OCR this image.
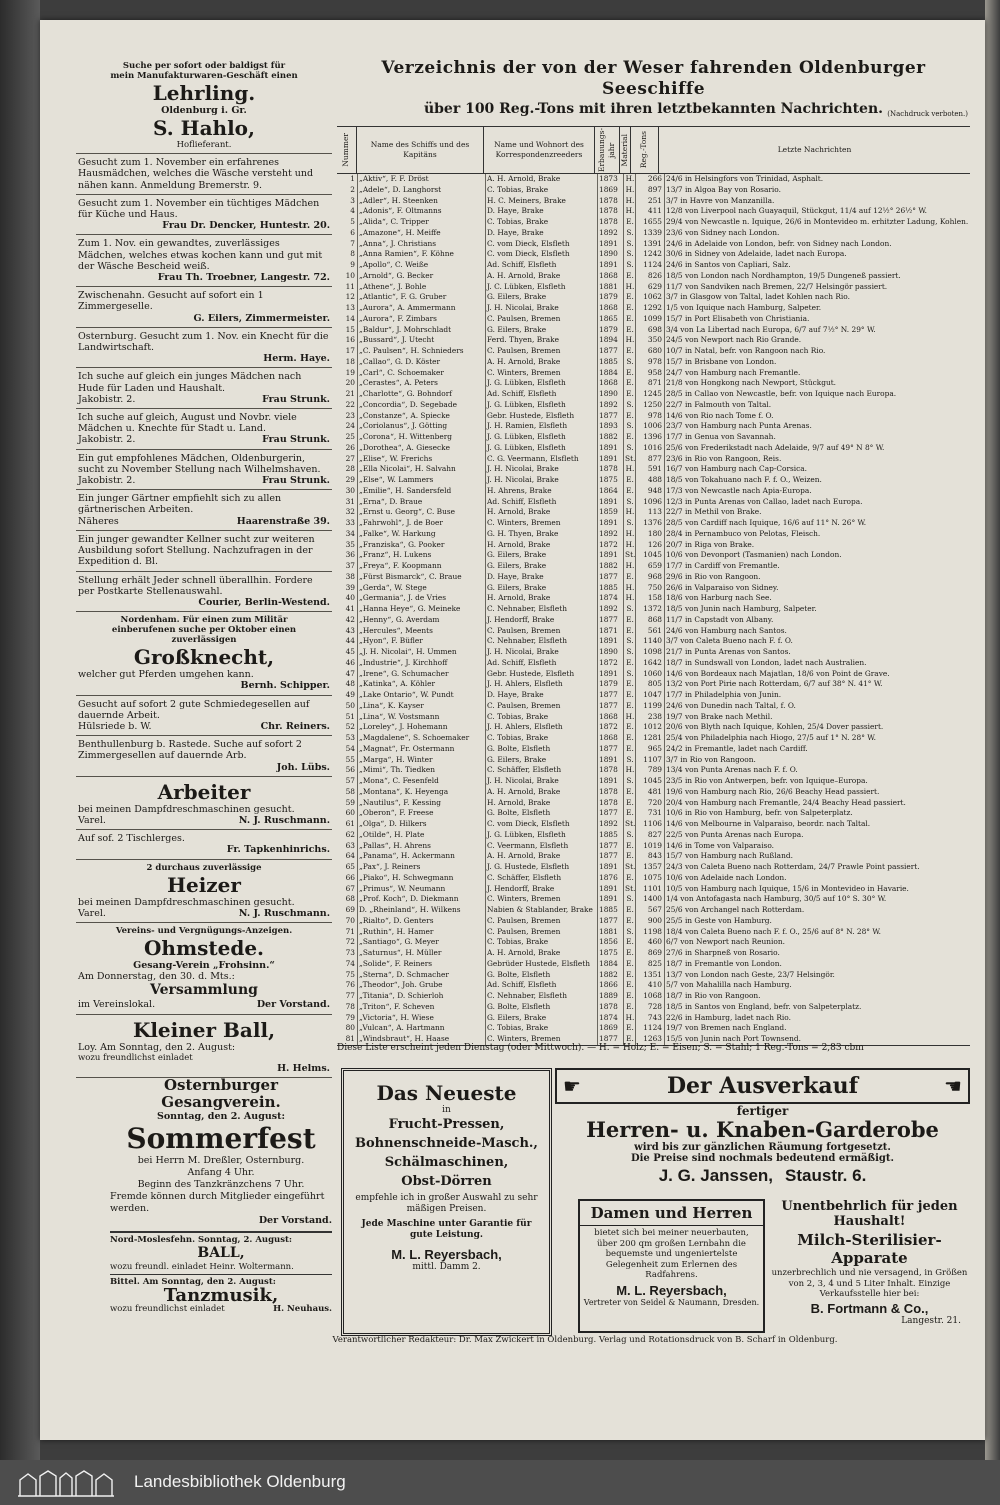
Suche per sofort oder baldigst für
mein Manufakturwaren-Geschäft einen
Lehrling.
Oldenburg i. Gr.
S. Hahlo,
Hoflieferant.
Gesucht zum 1. November ein erfahrenes Hausmädchen, welches die Wäsche versteht und nähen kann. Anmeldung Bremerstr. 9.
Gesucht zum 1. November ein tüchtiges Mädchen für Küche und Haus.
Frau Dr. Dencker, Huntestr. 20.
Zum 1. Nov. ein gewandtes, zuverlässiges Mädchen, welches etwas kochen kann und gut mit der Wäsche Bescheid weiß.
Frau Th. Troebner, Langestr. 72.
Zwischenahn. Gesucht auf sofort ein 1 Zimmergeselle.
G. Eilers, Zimmermeister.
Osternburg. Gesucht zum 1. Nov. ein Knecht für die Landwirtschaft.
Herm. Haye.
Ich suche auf gleich ein junges Mädchen nach Hude für Laden und Haushalt.
Jakobistr. 2.	Frau Strunk.
Ich suche auf gleich, August und Novbr. viele Mädchen u. Knechte für Stadt u. Land.
Jakobistr. 2.	Frau Strunk.
Ein gut empfohlenes Mädchen, Oldenburgerin, sucht zu November Stellung nach Wilhelmshaven.
Jakobistr. 2.	Frau Strunk.
Ein junger Gärtner empfiehlt sich zu allen gärtnerischen Arbeiten.
Näheres	Haarenstraße 39.
Ein junger gewandter Kellner sucht zur weiteren Ausbildung sofort Stellung. Nachzufragen in der Expedition d. Bl.
Stellung erhält Jeder schnell überallhin. Fordere per Postkarte Stellenauswahl.
Courier, Berlin-Westend.
Nordenham. Für einen zum Militär
einberufenen suche per Oktober einen
zuverlässigen
Großknecht,
welcher gut Pferden umgehen kann.
Bernh. Schipper.
Gesucht auf sofort 2 gute Schmiedegesellen auf dauernde Arbeit.
Hülsriede b. W.	Chr. Reiners.
Benthullenburg b. Rastede. Suche auf sofort 2 Zimmergesellen auf dauernde Arb.
Joh. Lübs.
Arbeiter
bei meinen Dampfdreschmaschinen gesucht.
Varel.	N. J. Ruschmann.
Auf sof. 2 Tischlerges.
Fr. Tapkenhinrichs.
2 durchaus zuverlässige
Heizer
bei meinen Dampfdreschmaschinen gesucht.
Varel.	N. J. Ruschmann.
Vereins- und Vergnügungs-Anzeigen.
Ohmstede.
Gesang-Verein „Frohsinn.“
Am Donnerstag, den 30. d. Mts.:
Versammlung
im Vereinslokal.	Der Vorstand.
Kleiner Ball,
Loy. Am Sonntag, den 2. August:
wozu freundlichst einladet
H. Helms.
Verzeichnis der von der Weser fahrenden Oldenburger Seeschiffe
über 100 Reg.-Tons mit ihren letztbekannten Nachrichten. (Nachdruck verboten.)
Nummer	Name des Schiffs und des Kapitäns
Name und Wohnort des Korrespondenzreeders	Erbauungs-jahr Material Reg.-Tons	Letzte Nachrichten
1 „Aktiv“, F. F. Dröst	A. H. Arnold, Brake	1873	H.	266 24/6 in Helsingfors von Trinidad, Asphalt.
2 „Adele“, D. Langhorst	C. Tobias, Brake	1869	H.	897 13/7 in Algoa Bay von Rosario.
3 „Adler“, H. Steenken	H. C. Meiners, Brake	1878	H.	251 3/7 in Havre von Manzanilla.
4 „Adonis“, F. Oltmanns	D. Haye, Brake	1878	H.	411 12/8 von Liverpool nach Guayaquil, Stückgut, 11/4 auf 12½° 26½° W.
5 „Alida“, C. Tripper	C. Tobias, Brake	1878	E.	1655 29/4 von Newcastle n. Iquique, 26/6 in Montevideo m. erhitzter Ladung, Kohlen.
6 „Amazone“, H. Meiffe	D. Haye, Brake	1892	S.	1339 23/6 von Sidney nach London.
7 „Anna“, J. Christians	C. vom Dieck, Elsfleth	1891	S.	1391 24/6 in Adelaide von London, befr. von Sidney nach London.
8 „Anna Ramien“, F. Köhne	C. vom Dieck, Elsfleth	1890	S.	1242 30/6 in Sidney von Adelaide, ladet nach Europa.
9 „Apollo“, C. Weiße	Ad. Schiff, Elsfleth	1891	S.	1124 24/6 in Santos von Capliari, Salz.
10 „Arnold“, G. Becker	A. H. Arnold, Brake	1868	E.	826 18/5 von London nach Nordhampton, 19/5 Dungeneß passiert.
11 „Athene“, J. Bohle	J. C. Lübken, Elsfleth	1881	H.	629 11/7 von Sandviken nach Bremen, 22/7 Helsingör passiert.
12 „Atlantic“, F. G. Gruber	G. Eilers, Brake	1879	E.	1062 3/7 in Glasgow von Taltal, ladet Kohlen nach Rio.
13 „Aurora“, A. Ammermann	J. H. Nicolai, Brake	1868	E.	1292 1/5 von Iquique nach Hamburg, Salpeter.
14 „Aurora“, F. Zimbars	C. Paulsen, Bremen	1865	E.	1099 15/7 in Port Elisabeth von Christiania.
15 „Baldur“, J. Mohrschladt	G. Eilers, Brake	1879	E.	698 3/4 von La Libertad nach Europa, 6/7 auf 7½° N. 29° W.
16 „Bussard“, J. Utecht	Ferd. Thyen, Brake	1894	H.	350 24/5 von Newport nach Rio Grande.
17 „C. Paulsen“, H. Schnieders	C. Paulsen, Bremen	1877	E.	680 10/7 in Natal, befr. von Rangoon nach Rio.
18 „Callao“, G. D. Köster	A. H. Arnold, Brake	1885	S.	978 15/7 in Brisbane von London.
19 „Carl“, C. Schoemaker	C. Winters, Bremen	1884	E.	958 24/7 von Hamburg nach Fremantle.
20 „Cerastes“, A. Peters	J. G. Lübken, Elsfleth	1868	E.	871 21/8 von Hongkong nach Newport, Stückgut.
21 „Charlotte“, G. Bohndorf	Ad. Schiff, Elsfleth	1890	E.	1245 28/5 in Callao von Newcastle, befr. von Iquique nach Europa.
22 „Concordia“, D. Segebade	J. G. Lübken, Elsfleth	1892	S.	1250 22/7 in Falmouth von Taltal.
23 „Constanze“, A. Spiecke	Gebr. Hustede, Elsfleth	1877	E.	978 14/6 von Rio nach Tome f. O.
24 „Coriolanus“, J. Götting	J. H. Ramien, Elsfleth	1893	S.	1006 23/7 von Hamburg nach Punta Arenas.
25 „Corona“, H. Wittenberg	J. G. Lübken, Elsfleth	1882	E.	1396 17/7 in Genua von Savannah.
26 „Dorothea“, A. Giesecke	J. G. Lübken, Elsfleth	1891	S.	1016 25/6 von Frederikstadt nach Adelaide, 9/7 auf 49° N 8° W.
27 „Elise“, W. Frerichs	C. G. Veermann, Elsfleth	1891 St.	877 23/6 in Rio von Rangoon, Reis.
28 „Ella Nicolai“, H. Salvahn	J. H. Nicolai, Brake	1878	H.	591 16/7 von Hamburg nach Cap-Corsica.
29 „Else“, W. Lammers	J. H. Nicolai, Brake	1875	E.	488 18/5 von Tokahuano nach F. f. O., Weizen.
30 „Emilie“, H. Sandersfeld	H. Ahrens, Brake	1864	E.	948 17/3 von Newcastle nach Apia-Europa.
31 „Erna“, D. Braue	Ad. Schiff, Elsfleth	1891	S.	1096 12/3 in Punta Arenas von Callao, ladet nach Europa.
32 „Ernst u. Georg“, C. Buse	H. Arnold, Brake	1859	H.	113 22/7 in Methil von Brake.
33 „Fahrwohl“, J. de Boer	C. Winters, Bremen	1891	S.	1376 28/5 von Cardiff nach Iquique, 16/6 auf 11° N. 26° W.
34 „Falke“, W. Harkung	G. H. Thyen, Brake	1892	H.	180 28/4 in Pernambuco von Pelotas, Fleisch.
35 „Franziska“, G. Pooker	H. Arnold, Brake	1872	H.	126 20/7 in Riga von Brake.
36 „Franz“, H. Lukens	G. Eilers, Brake	1891 St.	1045 10/6 von Devonport (Tasmanien) nach London.
37 „Freya“, F. Koopmann	G. Eilers, Brake	1882	H.	659 17/7 in Cardiff von Fremantle.
38 „Fürst Bismarck“, C. Braue	D. Haye, Brake	1877	E.	968 29/6 in Rio von Rangoon.
39 „Gerda“, W. Stege	G. Eilers, Brake	1885	H.	750 26/6 in Valparaiso von Sidney.
40 „Germania“, J. de Vries	H. Arnold, Brake	1874	H.	158 18/6 von Harburg nach See.
41 „Hanna Heye“, G. Meineke	C. Nehnaber, Elsfleth	1892	S.	1372 18/5 von Junin nach Hamburg, Salpeter.
42 „Henny“, G. Averdam	J. Hendorff, Brake	1877	E.	868 11/7 in Capstadt von Albany.
43 „Hercules“, Meents	C. Paulsen, Bremen	1871	E.	561 24/6 von Hamburg nach Santos.
44 „Hyon“, F. Büfler	C. Nehnaber, Elsfleth	1891	S.	1140 3/7 von Caleta Bueno nach F. f. O.
45 „J. H. Nicolai“, H. Ummen	J. H. Nicolai, Brake	1890	S.	1098 21/7 in Punta Arenas von Santos.
46 „Industrie“, J. Kirchhoff	Ad. Schiff, Elsfleth	1872	E.	1642 18/7 in Sundswall von London, ladet nach Australien.
47 „Irene“, G. Schumacher	Gebr. Hustede, Elsfleth	1891	S.	1060 14/6 von Bordeaux nach Majatlan, 18/6 von Point de Grave.
48 „Katinka“, A. Köhler	J. H. Ahlers, Elsfleth	1879	E.	805 13/2 von Port Pirie nach Rotterdam, 6/7 auf 38° N. 41° W.
49 „Lake Ontario“, W. Pundt	D. Haye, Brake	1877	E.	1047 17/7 in Philadelphia von Junin.
50 „Lina“, K. Kayser	C. Paulsen, Bremen	1877	E.	1199 24/6 von Dunedin nach Taltal, f. O.
51 „Lina“, W. Vostsmann	C. Tobias, Brake	1868	H.	238 19/7 von Brake nach Methil.
52 „Loreley“, J. Hohemann	J. H. Ahlers, Elsfleth	1872	E.	1012 20/6 von Blyth nach Iquique, Kohlen, 25/4 Dover passiert.
53 „Magdalene“, S. Schoemaker	C. Tobias, Brake	1868	E.	1281 25/4 von Philadelphia nach Hiogo, 27/5 auf 1° N. 28° W.
54 „Magnat“, Fr. Ostermann	G. Bolte, Elsfleth	1877	E.	965 24/2 in Fremantle, ladet nach Cardiff.
55 „Marga“, H. Winter	G. Eilers, Brake	1891	S.	1107 3/7 in Rio von Rangoon.
56 „Mimi“, Th. Tiedken	C. Schäffer, Elsfleth	1878	H.	789 13/4 von Punta Arenas nach F. f. O.
57 „Mona“, C. Fesenfeld	J. H. Nicolai, Brake	1891	S.	1045 23/5 in Rio von Antwerpen, befr. von Iquique–Europa.
58 „Montana“, K. Heyenga	A. H. Arnold, Brake	1878	E.	481 19/6 von Hamburg nach Rio, 26/6 Beachy Head passiert.
59 „Nautilus“, F. Kessing	H. Arnold, Brake	1878	E.	720 20/4 von Hamburg nach Fremantle, 24/4 Beachy Head passiert.
60 „Oberon“, F. Freese	G. Bolte, Elsfleth	1877	E.	731 10/6 in Rio von Hamburg, befr. von Salpeterplatz.
61 „Olga“, D. Hilkers	C. vom Dieck, Elsfleth	1892 St.	1106 14/6 von Melbourne in Valparaiso, beordr. nach Taltal.
62 „Otilde“, H. Plate	J. G. Lübken, Elsfleth	1885	S.	827 22/5 von Punta Arenas nach Europa.
63 „Pallas“, H. Ahrens	C. Veermann, Elsfleth	1877	E.	1019 14/6 in Tome von Valparaiso.
64 „Panama“, H. Ackermann	A. H. Arnold, Brake	1877	E.	843 15/7 von Hamburg nach Rußland.
65 „Pax“, J. Reiners	J. G. Hustede, Elsfleth	1891 St.	1357 24/3 von Caleta Bueno nach Rotterdam, 24/7 Prawle Point passiert.
66 „Piako“, H. Schwegmann	C. Schäffer, Elsfleth	1876	E.	1075 10/6 von Adelaide nach London.
67 „Primus“, W. Neumann	J. Hendorff, Brake	1891 St.	1101 10/5 von Hamburg nach Iquique, 15/6 in Montevideo in Havarie.
68 „Prof. Koch“, D. Diekmann	C. Winters, Bremen	1891	S.	1400 1/4 von Antofagasta nach Hamburg, 30/5 auf 10° S. 30° W.
69 D. „Rheinland“, H. Wilkens	Nabien & Stablander, Brake 1885	E.	567 25/6 von Archangel nach Rotterdam.
70 „Rialto“, D. Genters	C. Paulsen, Bremen	1877	E.	900 25/5 in Geste von Hamburg.
71 „Ruthin“, H. Hamer	C. Paulsen, Bremen	1881	S.	1198 18/4 von Caleta Bueno nach F. f. O., 25/6 auf 8° N. 28° W.
72 „Santiago“, G. Meyer	C. Tobias, Brake	1856	E.	460 6/7 von Newport nach Reunion.
73 „Saturnus“, H. Müller	A. H. Arnold, Brake	1875	E.	869 27/6 in Sharpneß von Rosario.
74 „Solide“, F. Reiners	Gebrüder Hustede, Elsfleth	1884	E.	825 18/7 in Fremantle von London.
75 „Sterna“, D. Schmacher	G. Bolte, Elsfleth	1882	E.	1351 13/7 von London nach Geste, 23/7 Helsingör.
76 „Theodor“, Joh. Grube	Ad. Schiff, Elsfleth	1866	E.	410 5/7 von Mahalilla nach Hamburg.
77 „Titania“, D. Schierloh	C. Nehnaber, Elsfleth	1889	E.	1068 18/7 in Rio von Rangoon.
78 „Triton“, F. Scheven	G. Bolte, Elsfleth	1878	E.	728 18/5 in Santos von England, befr. von Salpeterplatz.
79 „Victoria“, H. Wiese	G. Eilers, Brake	1874	H.	743 22/6 in Hamburg, ladet nach Rio.
80 „Vulcan“, A. Hartmann	C. Tobias, Brake	1869	E.	1124 19/7 von Bremen nach England.
81 „Windsbraut“, H. Haase	C. Winters, Bremen	1877	E.	1263 15/5 von Junin nach Port Townsend.
Diese Liste erscheint jeden Dienstag (oder Mittwoch). — H. = Holz; E. = Eisen; S. = Stahl; 1 Reg.-Tons = 2,83 cbm
Osternburger Gesangverein.
Sonntag, den 2. August:
Sommerfest
bei Herrn M. Dreßler, Osternburg.
Anfang 4 Uhr.
Beginn des Tanzkränzchens 7 Uhr.
Fremde können durch Mitglieder eingeführt werden.
Der Vorstand.
Nord-Moslesfehn. Sonntag, 2. August:
BALL,
wozu freundl. einladet Heinr. Woltermann.
Bittel. Am Sonntag, den 2. August:
Tanzmusik,
wozu freundlichst einladet	H. Neuhaus.
Das Neueste
in
Frucht-Pressen,
Bohnenschneide-Masch.,
Schälmaschinen,
Obst-Dörren
empfehle ich in großer Auswahl zu sehr mäßigen Preisen.
Jede Maschine unter Garantie für gute Leistung.
M. L. Reyersbach,
mittl. Damm 2.
☛	Der Ausverkauf	☚
fertiger
Herren- u. Knaben-Garderobe
wird bis zur gänzlichen Räumung fortgesetzt.
Die Preise sind nochmals bedeutend ermäßigt.
J. G. Janssen, Staustr. 6.
Damen und Herren
bietet sich bei meiner neuerbauten, über 200 qm großen Lernbahn die bequemste und ungeniertelste Gelegenheit zum Erlernen des Radfahrens.
M. L. Reyersbach,
Vertreter von Seidel & Naumann, Dresden.
Unentbehrlich für jeden Haushalt!
Milch-Sterilisier-Apparate
unzerbrechlich und nie versagend, in Größen von 2, 3, 4 und 5 Liter Inhalt. Einzige Verkaufsstelle hier bei:
B. Fortmann & Co.,
Langestr. 21.
Verantwortlicher Redakteur: Dr. Max Zwickert in Oldenburg. Verlag und Rotationsdruck von B. Scharf in Oldenburg.
Landesbibliothek Oldenburg
